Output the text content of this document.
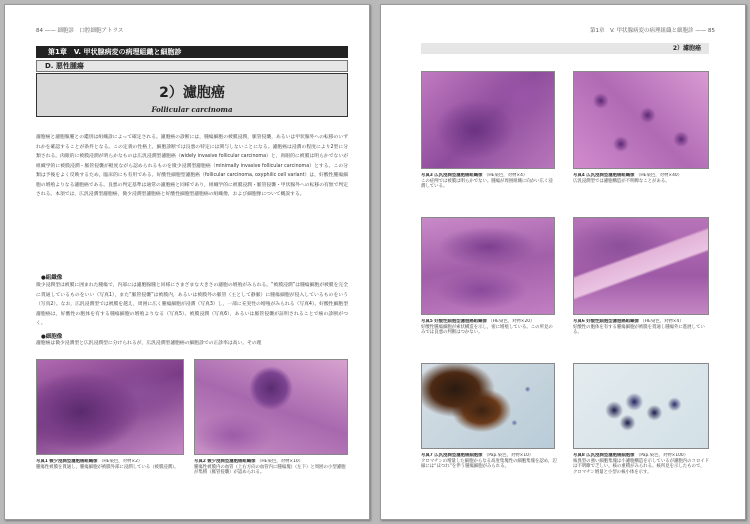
84 —— 細胞診　口腔細胞アトラス
第1章　V. 甲状腺病変の病理組織と細胞診
D. 悪性腫瘍
2）濾胞癌
Follicular carcinoma
濾胞癌と濾胞腺腫との鑑別は組織診によって確定される。濾胞癌の診断には，腫瘍細胞の被膜浸潤，脈管侵襲，あるいは甲状腺外への転移のいずれかを確認することが条件となる。この定義の性格上，細胞診断では良悪の特定には関与しないことになる。濾胞癌は浸潤の程度により2型に分類される。肉眼的に被膜浸潤が明らかなものは広汎浸潤型濾胞癌（widely invasive follicular carcinoma）と，肉眼的に被膜は明らかでないが組織学的に被膜浸潤・脈管侵襲が軽度ながら認められるものを微少浸潤型濾胞癌（minimally invasive follicular carcinoma）とする。この分類は予後をよく反映するため，臨床的にも有用である。好酸性細胞型濾胞癌（follicular carcinoma, oxyphilic cell variant）は，好酸性腫瘍細胞の増殖よりなる濾胞癌である。良悪の判定基準は通常の濾胞癌と同様であり，組織学的に被膜浸潤・脈管侵襲・甲状腺外への転移の有無で判定される。本項では，広汎浸潤型濾胞癌，微少浸潤型濾胞癌と好酸性細胞型濾胞癌の組織像，および細胞像について概説する。
●組織像
微少浸潤型は被膜に囲まれた腫瘍で，内部には濾胞腺腫と同様にさまざまな大きさの濾胞の増殖がみられる。“被膜浸潤”は腫瘍細胞が被膜を完全に貫通しているものをいい（写真1），また“脈管侵襲”は被膜内，あるいは被膜外の脈管（主として静脈）に腫瘍細胞が侵入しているものをいう（写真2）。なお，広汎浸潤型では被膜を越え，周囲に広く腫瘍細胞が浸潤（写真3）し，一部に充実性の増殖がみられる（写真4）。好酸性細胞型濾胞癌は，好酸性の胞体を有する腫瘍細胞の増殖よりなる（写真5）。被膜浸潤（写真6），あるいは脈管侵襲が証明されることで癌の診断がつく。
●細胞像
濾胞癌は微少浸潤型と広汎浸潤型に分けられるが，広汎浸潤型濾胞癌の細胞診での正診率は高い。その理
写真1 微少浸潤型濾胞癌組織像 （HE染色，対物×2）
腫瘍性被膜を貫通し，腫瘍細胞が被膜外部に浸潤している（被膜浸潤）。
写真2 微少浸潤型濾胞癌組織像 （HE染色，対物×10）
腫瘍性被膜内の血管（上右方向の血管内に腫瘍塊）（左下）と周囲の小型濾胞が集積（脈管侵襲）が認められる。
第1章　V. 甲状腺病変の病理組織と細胞診 —— 85
2）濾胞癌
写真3 広汎浸潤型濾胞癌組織像 （HE染色，対物×4）
この症例では被膜は明らかでない。腫瘍が周囲組織に向かい広く浸潤している。
写真4 広汎浸潤型濾胞癌組織像 （HE染色，対物×40）
広汎浸潤型では濾胞構造が不明瞭なことがある。
写真5 好酸性細胞型濾胞癌組織像 （HE染色，対物×20）
好酸性腫瘍細胞が索状構造を示し，密に増殖している。この所見のみでは良悪の判断はつかない。
写真6 好酸性細胞型濾胞癌組織像 （HE染色，対物×4）
好酸性の胞体を有する腫瘍細胞が被膜を貫通し腫瘍外に進展している。
写真7 広汎浸潤型濾胞癌細胞像 （Pap.染色，対物×10）
クロマチンの増量した細胞からなる高度集塊性の細胞集塊を認め，辺縁には“ほつれ”を伴う腫瘍細胞がみられる。
写真8 広汎浸潤型濾胞癌細胞像 （Pap.染色，対物×100）
核異型の強い細胞集塊は小濾胞構造を示しているが濾胞内のコロイドは不明瞭で乏しい。核の重積がみられる。核所見を示したもので，クロマチン増量と小型の核小体を示す。
